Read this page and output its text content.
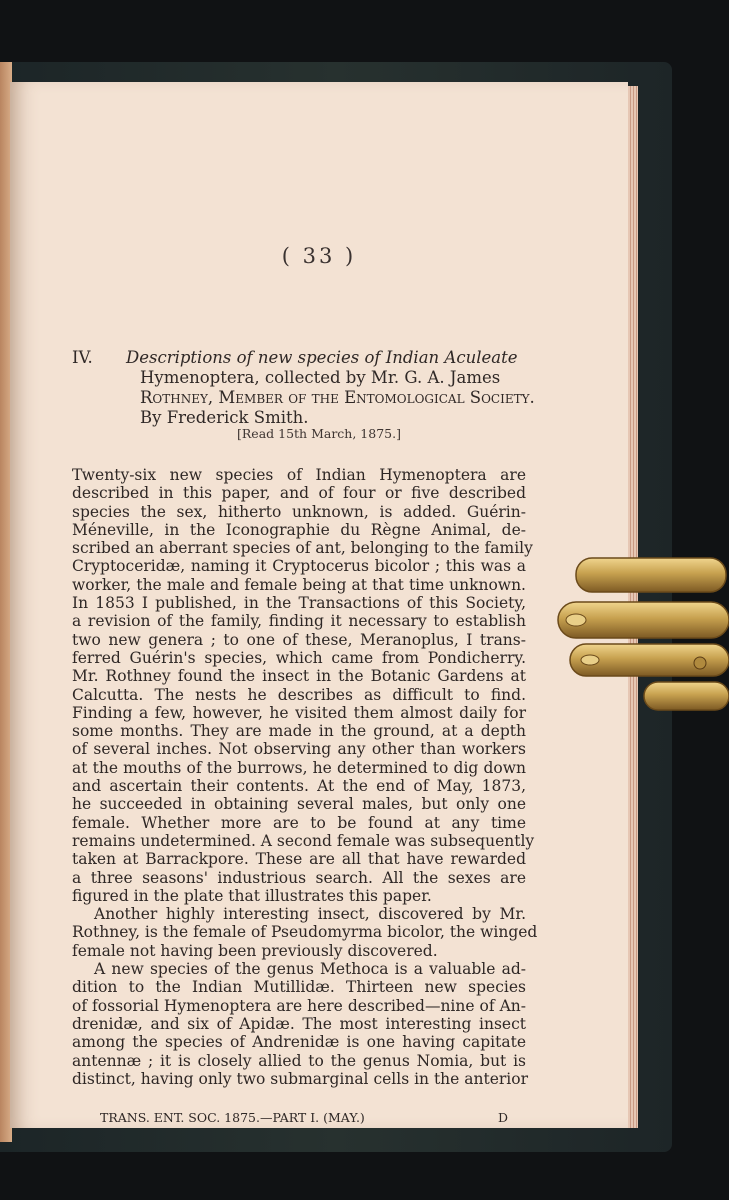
( 33 )
IV.	Descriptions of new species of Indian Aculeate
Hymenoptera, collected by Mr. G. A. James
Rothney, Member of the Entomological Society.
By Frederick Smith.
[Read 15th March, 1875.]
Twenty-six new species of Indian Hymenoptera are
described in this paper, and of four or five described
species the sex, hitherto unknown, is added. Guérin-
Méneville, in the Iconographie du Règne Animal, de-
scribed an aberrant species of ant, belonging to the family
Cryptoceridæ, naming it Cryptocerus bicolor ; this was a
worker, the male and female being at that time unknown.
In 1853 I published, in the Transactions of this Society,
a revision of the family, finding it necessary to establish
two new genera ; to one of these, Meranoplus, I trans-
ferred Guérin's species, which came from Pondicherry.
Mr. Rothney found the insect in the Botanic Gardens at
Calcutta. The nests he describes as difficult to find.
Finding a few, however, he visited them almost daily for
some months. They are made in the ground, at a depth
of several inches. Not observing any other than workers
at the mouths of the burrows, he determined to dig down
and ascertain their contents. At the end of May, 1873,
he succeeded in obtaining several males, but only one
female. Whether more are to be found at any time
remains undetermined. A second female was subsequently
taken at Barrackpore. These are all that have rewarded
a three seasons' industrious search. All the sexes are
figured in the plate that illustrates this paper.
Another highly interesting insect, discovered by Mr.
Rothney, is the female of Pseudomyrma bicolor, the winged
female not having been previously discovered.
A new species of the genus Methoca is a valuable ad-
dition to the Indian Mutillidæ. Thirteen new species
of fossorial Hymenoptera are here described—nine of An-
drenidæ, and six of Apidæ. The most interesting insect
among the species of Andrenidæ is one having capitate
antennæ ; it is closely allied to the genus Nomia, but is
distinct, having only two submarginal cells in the anterior
TRANS. ENT. SOC. 1875.—PART I. (MAY.)	D
